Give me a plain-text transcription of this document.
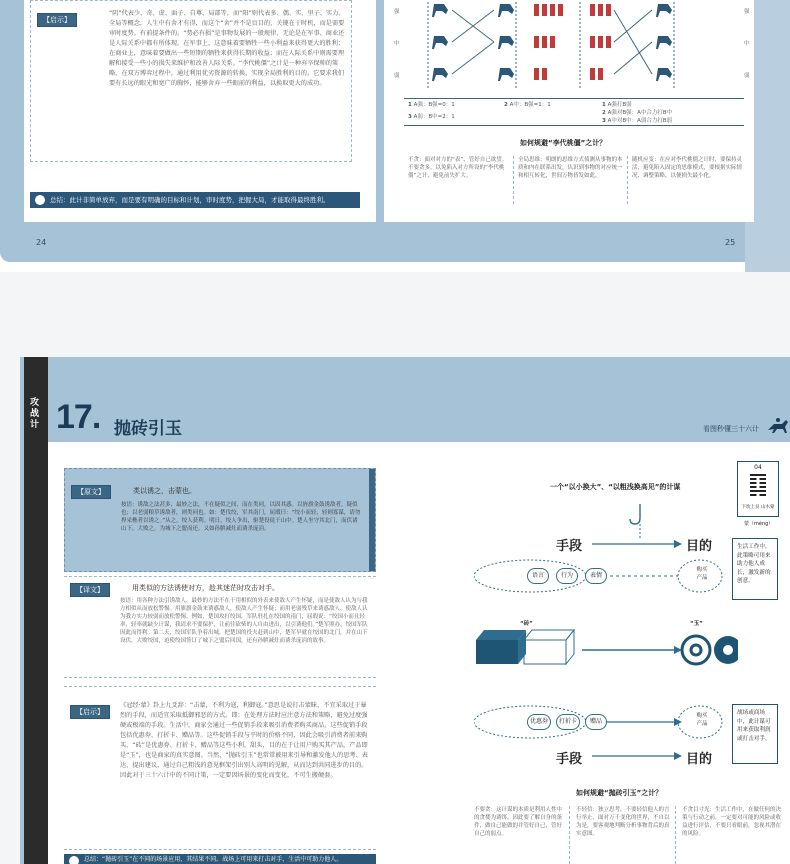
【启示】
“阴”代表少、奇、虚、面子、自尊、局部等，而“阳”则代表多、偶、实、里子、实力、全局等概念，人生中有舍才有得，而这个“舍”并不是盲目的，关键在于时机，而是需要审时度势。有前提条件的。“势必有损”是事物发展的一般规律，无论是在军事、商业还是人际关系中都有所体现。在军事上，这意味着要牺牲一些小利益来获得更大的胜利；在商业上，意味着要做出一些短期的牺牲来获得长期的收益；而在人际关系中则需要理解和接受一些小的损失来维护和改善人际关系。“李代桃僵”之计是一种弃卒保帅的策略，在双方博弈过程中，通过利用优劣资源的转换，实现全局胜利的目的。它要求我们要有长远的眼光和宽广的胸怀，能够舍弃一些眼前的利益，以换取更大的成功。
总结：此计非简单放弃，而是要有明确的目标和计划，审时度势，把握大局，才能取得最终胜利。
24
强
中
弱
强
中
弱
1 A强：B强=0：1	2 A中：B强=1：1
3 A弱：B中=2：1
1 A强打B弱
2 A强对B强：A中合力打B中
3 A中对B中：A弱合力打B弱
如何规避“李代桃僵”之计？
不贪：面对对方的“表”、管好自己欲望。不要贪多。以免陷入对方所设的“李代桃僵”之计，避免前失扩大。
全局思维：明朗的思维方式侦测从事物的本质和内在联系出发，认识到事物的对应统一和相互转化，世间万物皆发如此。
随机应变：在应对李代桃僵之计时，要保持灵活，避免陷入固定的思维模式，要根据实际情况，调整策略，以便损失最小化。
25
攻战计 17. 抛砖引玉	看图秒懂三十六计
【原文】	类以诱之，击蒙也。
按语：诱敌之法甚多，最妙之法，不在疑似之间，而在类同，以固其惑。以旌旗金鼓诱敌者，疑似也；以老弱粮草诱敌者，则类同也。如：楚伐绞，军其南门，屈瑕曰：“绞小而轻，轻则寡谋，请勿捍采樵者以诱之。”从之，绞人获利。明日，绞人争出，驱楚役徒于山中。楚人坐守其北门，而伏诸山下，大败之，为城下之盟而还。又如孙膑减灶而诱杀庞涓。
【译文】	用类似的方法诱使对方，趁其迷茫时攻击对手。
按语：用各种方法引诱敌人，最妙的方法不在于用相似的外表来使敌人产生怀疑，而是使敌人认为与我方相似从而放松警惕。用旗旗金鼓来诱惑敌人，使敌人产生怀疑；而用老弱残草来诱惑敌人，使敌人认为我方实力较弱而放松警惕。例如，楚国攻打绞国，军队驻扎在绞国的南门，屈瑕说：“绞国小而且轻率，轻率就缺少计谋，我请求不要保护，让前往砍柴的人自由进出，以引诱他们。”楚军照办，绞国军队因此而得利。第二天，绞国军队争着出城，把楚国的役夫赶到山中，楚军早就在绞国的北门，并在山下设伏，大败绞国，迫使绞国签订了城下之盟后回国，还有孙膑减灶而诱杀庞涓的故事。
【启示】
《冠经·蒙》卦上九爻辞：“击蒙，不利为寇，利御寇。”意思是说打击蒙昧，不宜采取过于暴烈的手段，而适宜采取抵御邪恶的方式。即：在处理方法时应注意方法和策略，避免过度强硬或极端的手段。生活中，商家会通过一些促销手段来吸引消费者购买商品，这些促销手段包括优惠券、打折卡、赠品等。这些促销手段与平时的价格不同，因此会吸引消费者前来购买，“砖”是优惠券、打折卡、赠品等这些小利，甜头，目的在于让用户购买其产品，产品即是“玉”，也是商家的真实意图。当然，“抛砖引玉”也常常被用来引导和激发他人的思考、表达、提出建议，通过自己粗浅的意见框架引出别人高明的见解，从而达到共同进步的目的。因此对于三十六计中的不同计策，一定要因场景的变化而变化，不可生搬硬套。
总结：“抛砖引玉”在不同的场景应用，其结果不同。战场上可用来打击对手，生活中可助力他人。
一个“以小换大”、“以粗浅换高见”的计谋
手段	目的
语言	行为	表情
购买
产品
“砖”	“玉”
优惠券	打折卡	赠品
购买
产品
手段	目的
04
下坎上艮 山水蒙
蒙（méng）
生活工作中，此策略可用来助力他人成长，激发新的创意。
战场或商场中，此计谋可用来获取利润或打击对手。
如何规避“抛砖引玉”之计？
不要贪：这计谋的本质是利用人性中的贪婪为诱饵，因此要了解自身的条件，做自己能做的并管好自己，管好自己的弱点。
不轻信：独立思考，不要轻信他人的言行举止，面对万千变化的世界，不自以为是，要客观地判断分析事物背后的真实意图。
不贪目寸光：生活工作中，在做任何的决策与行动之前，一定要对可能的风险或收益进行评估，不要只看眼前，忽视其潜在的风险。
